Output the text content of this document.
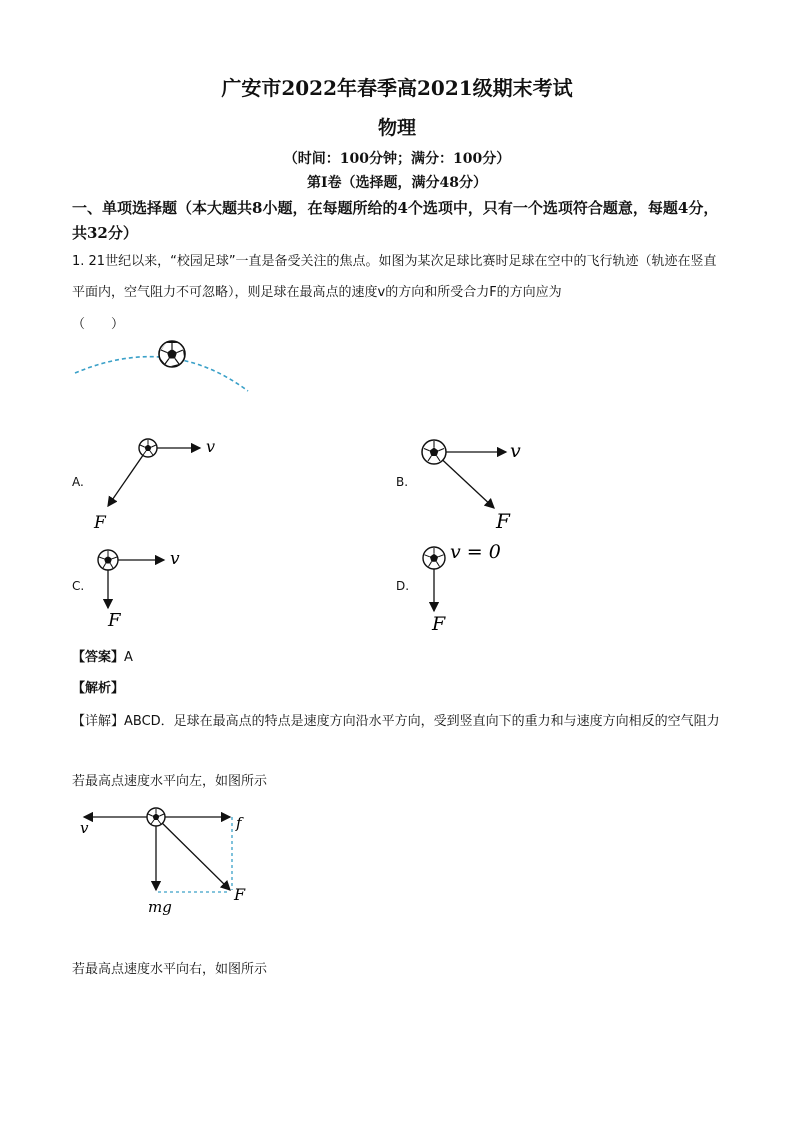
广安市2022年春季高2021级期末考试
物理
（时间：100分钟；满分：100分）
第I卷（选择题，满分48分）
一、单项选择题（本大题共8小题，在每题所给的4个选项中，只有一个选项符合题意，每题4分，共32分）
1. 21世纪以来，“校园足球”一直是备受关注的焦点。如图为某次足球比赛时足球在空中的飞行轨迹（轨迹在竖直平面内，空气阻力不可忽略），则足球在最高点的速度v的方向和所受合力F的方向应为
（　　）
A.
v
F
B.
v
F
C.
v
F
D.
v = 0
F
【答案】A
【解析】
【详解】ABCD．足球在最高点的特点是速度方向沿水平方向，受到竖直向下的重力和与速度方向相反的空气阻力
若最高点速度水平向左，如图所示
v	f
mg
F
若最高点速度水平向右，如图所示
